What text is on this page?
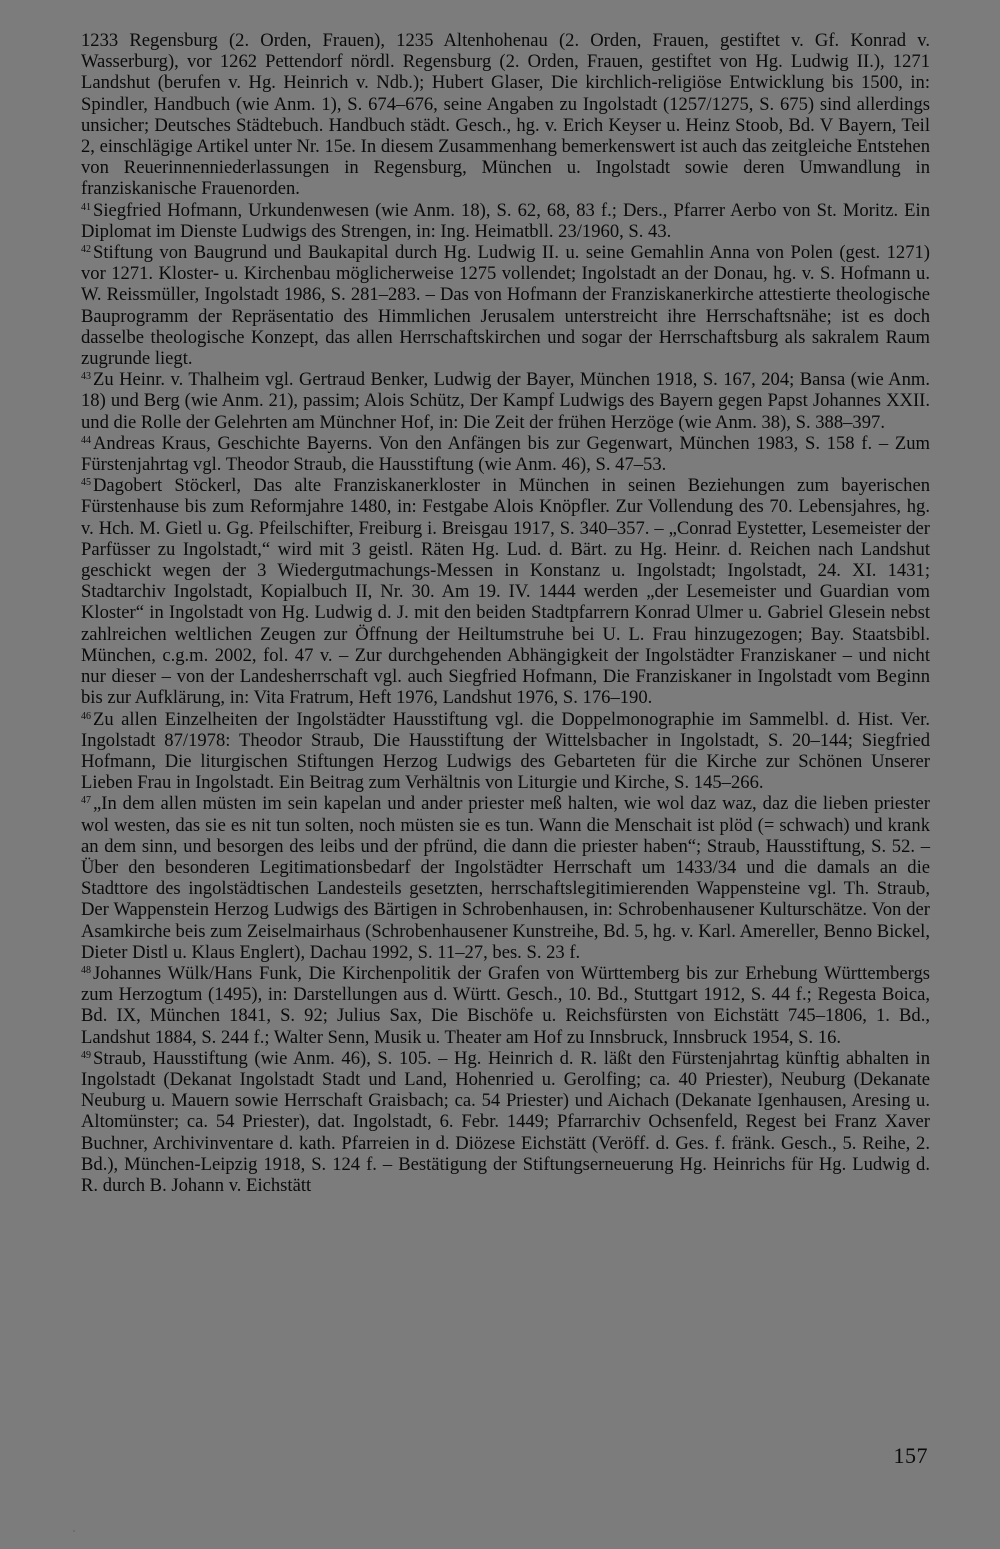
1233 Regensburg (2. Orden, Frauen), 1235 Altenhohenau (2. Orden, Frauen, gestiftet v. Gf. Konrad v. Wasserburg), vor 1262 Pettendorf nördl. Regensburg (2. Orden, Frauen, gestiftet von Hg. Ludwig II.), 1271 Landshut (berufen v. Hg. Heinrich v. Ndb.); Hubert Glaser, Die kirchlich-religiöse Entwicklung bis 1500, in: Spindler, Handbuch (wie Anm. 1), S. 674–676, seine Angaben zu Ingolstadt (1257/1275, S. 675) sind allerdings unsicher; Deutsches Städtebuch. Handbuch städt. Gesch., hg. v. Erich Keyser u. Heinz Stoob, Bd. V Bayern, Teil 2, einschlägige Artikel unter Nr. 15e. In diesem Zusammenhang bemerkenswert ist auch das zeitgleiche Entstehen von Reuerinnenniederlassungen in Regensburg, München u. Ingolstadt sowie deren Umwandlung in franziskanische Frauenorden.

$^{41}$ Siegfried Hofmann, Urkundenwesen (wie Anm. 18), S. 62, 68, 83 f.; Ders., Pfarrer Aerbo von St. Moritz. Ein Diplomat im Dienste Ludwigs des Strengen, in: Ing. Heimatbll. 23/1960, S. 43.

$^{42}$ Stiftung von Baugrund und Baukapital durch Hg. Ludwig II. u. seine Gemahlin Anna von Polen (gest. 1271) vor 1271. Kloster- u. Kirchenbau möglicherweise 1275 vollendet; Ingolstadt an der Donau, hg. v. S. Hofmann u. W. Reissmüller, Ingolstadt 1986, S. 281–283. – Das von Hofmann der Franziskanerkirche attestierte theologische Bauprogramm der Repräsentatio des Himmlichen Jerusalem unterstreicht ihre Herrschaftsnähe; ist es doch dasselbe theologische Konzept, das allen Herrschaftskirchen und sogar der Herrschaftsburg als sakralem Raum zugrunde liegt.

$^{43}$ Zu Heinr. v. Thalheim vgl. Gertraud Benker, Ludwig der Bayer, München 1918, S. 167, 204; Bansa (wie Anm. 18) und Berg (wie Anm. 21), passim; Alois Schütz, Der Kampf Ludwigs des Bayern gegen Papst Johannes XXII. und die Rolle der Gelehrten am Münchner Hof, in: Die Zeit der frühen Herzöge (wie Anm. 38), S. 388–397.

$^{44}$ Andreas Kraus, Geschichte Bayerns. Von den Anfängen bis zur Gegenwart, München 1983, S. 158 f. – Zum Fürstenjahrtag vgl. Theodor Straub, die Hausstiftung (wie Anm. 46), S. 47–53.

$^{45}$ Dagobert Stöckerl, Das alte Franziskanerkloster in München in seinen Beziehungen zum bayerischen Fürstenhause bis zum Reformjahre 1480, in: Festgabe Alois Knöpfler. Zur Vollendung des 70. Lebensjahres, hg. v. Hch. M. Gietl u. Gg. Pfeilschifter, Freiburg i. Breisgau 1917, S. 340–357. – „Conrad Eystetter, Lesemeister der Parfüsser zu Ingolstadt,“ wird mit 3 geistl. Räten Hg. Lud. d. Bärt. zu Hg. Heinr. d. Reichen nach Landshut geschickt wegen der 3 Wiedergutmachungs-Messen in Konstanz u. Ingolstadt; Ingolstadt, 24. XI. 1431; Stadtarchiv Ingolstadt, Kopialbuch II, Nr. 30. Am 19. IV. 1444 werden „der Lesemeister und Guardian vom Kloster“ in Ingolstadt von Hg. Ludwig d. J. mit den beiden Stadtpfarrern Konrad Ulmer u. Gabriel Glesein nebst zahlreichen weltlichen Zeugen zur Öffnung der Heiltumstruhe bei U. L. Frau hinzugezogen; Bay. Staatsbibl. München, c.g.m. 2002, fol. 47 v. – Zur durchgehenden Abhängigkeit der Ingolstädter Franziskaner – und nicht nur dieser – von der Landesherrschaft vgl. auch Siegfried Hofmann, Die Franziskaner in Ingolstadt vom Beginn bis zur Aufklärung, in: Vita Fratrum, Heft 1976, Landshut 1976, S. 176–190.

$^{46}$ Zu allen Einzelheiten der Ingolstädter Hausstiftung vgl. die Doppelmonographie im Sammelbl. d. Hist. Ver. Ingolstadt 87/1978: Theodor Straub, Die Hausstiftung der Wittelsbacher in Ingolstadt, S. 20–144; Siegfried Hofmann, Die liturgischen Stiftungen Herzog Ludwigs des Gebarteten für die Kirche zur Schönen Unserer Lieben Frau in Ingolstadt. Ein Beitrag zum Verhältnis von Liturgie und Kirche, S. 145–266.

$^{47}$ „In dem allen müsten im sein kapelan und ander priester meß halten, wie wol daz waz, daz die lieben priester wol westen, das sie es nit tun solten, noch müsten sie es tun. Wann die Menschait ist plöd (= schwach) und krank an dem sinn, und besorgen des leibs und der pfründ, die dann die priester haben“; Straub, Hausstiftung, S. 52. – Über den besonderen Legitimationsbedarf der Ingolstädter Herrschaft um 1433/34 und die damals an die Stadttore des ingolstädtischen Landesteils gesetzten, herrschaftslegitimierenden Wappensteine vgl. Th. Straub, Der Wappenstein Herzog Ludwigs des Bärtigen in Schrobenhausen, in: Schrobenhausener Kulturschätze. Von der Asamkirche beis zum Zeiselmairhaus (Schrobenhausener Kunstreihe, Bd. 5, hg. v. Karl. Amereller, Benno Bickel, Dieter Distl u. Klaus Englert), Dachau 1992, S. 11–27, bes. S. 23 f.

$^{48}$ Johannes Wülk/Hans Funk, Die Kirchenpolitik der Grafen von Württemberg bis zur Erhebung Württembergs zum Herzogtum (1495), in: Darstellungen aus d. Württ. Gesch., 10. Bd., Stuttgart 1912, S. 44 f.; Regesta Boica, Bd. IX, München 1841, S. 92; Julius Sax, Die Bischöfe u. Reichsfürsten von Eichstätt 745–1806, 1. Bd., Landshut 1884, S. 244 f.; Walter Senn, Musik u. Theater am Hof zu Innsbruck, Innsbruck 1954, S. 16.

$^{49}$ Straub, Hausstiftung (wie Anm. 46), S. 105. – Hg. Heinrich d. R. läßt den Fürstenjahrtag künftig abhalten in Ingolstadt (Dekanat Ingolstadt Stadt und Land, Hohenried u. Gerolfing; ca. 40 Priester), Neuburg (Dekanate Neuburg u. Mauern sowie Herrschaft Graisbach; ca. 54 Priester) und Aichach (Dekanate Igenhausen, Aresing u. Altomünster; ca. 54 Priester), dat. Ingolstadt, 6. Febr. 1449; Pfarrarchiv Ochsenfeld, Regest bei Franz Xaver Buchner, Archivinventare d. kath. Pfarreien in d. Diözese Eichstätt (Veröff. d. Ges. f. fränk. Gesch., 5. Reihe, 2. Bd.), München-Leipzig 1918, S. 124 f. – Bestätigung der Stiftungserneuerung Hg. Heinrichs für Hg. Ludwig d. R. durch B. Johann v. Eichstätt

157
